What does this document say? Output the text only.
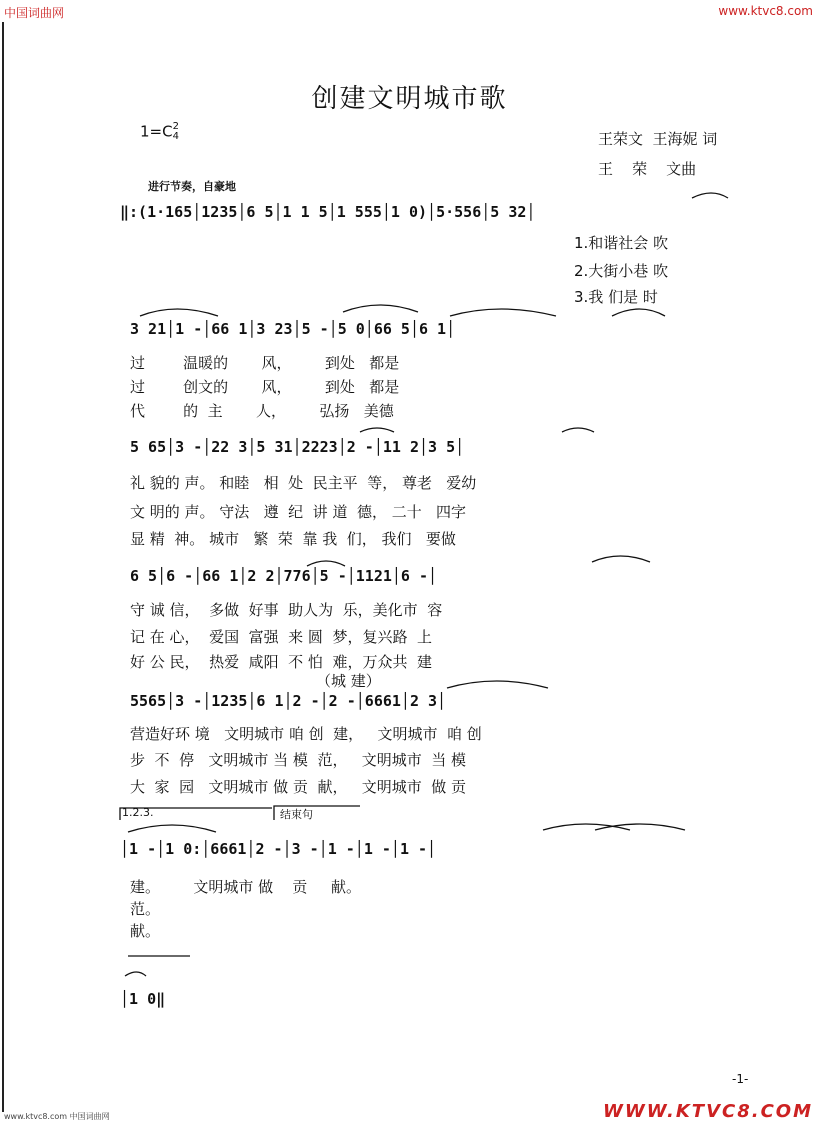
中国词曲网	www.ktvc8.com
创建文明城市歌
1=C2
4	王荣文  王海妮 词
王    荣    文曲
进行节奏，自豪地
‖:(1·165│1235│6 5│1 1 5│1 555│1 0)│5·556│5 32│
1.和谐社会 吹
2.大街小巷 吹
3.我 们是 时
3 21│1 -│66 1│3 23│5 -│5 0│66 5│6 1│
过        温暖的       风，       到处   都是
过        创文的       风，       到处   都是
代        的  主       人，       弘扬   美德
5 65│3 -│22 3│5 31│2223│2 -│11 2│3 5│
礼 貌的 声。 和睦   相  处  民主平  等， 尊老   爱幼
文 明的 声。 守法   遵  纪  讲 道  德， 二十   四字
显 精  神。 城市   繁  荣  靠 我  们， 我们   要做
6 5│6 -│66 1│2 2│776│5 -│1121│6 -│
守 诚 信，  多做  好事  助人为  乐，美化市  容
记 在 心，  爱国  富强  来 圆  梦，复兴路  上
好 公 民，  热爱  咸阳  不 怕  难，万众共  建
（城 建）
5565│3 -│1235│6 1│2 -│2 -│6661│2 3│
营造好环 境   文明城市 咱 创  建，   文明城市  咱 创
步  不  停   文明城市 当 模  范，   文明城市  当 模
大  家  园   文明城市 做 贡  献，   文明城市  做 贡
1.2.3.	结束句
│1 -│1 0:│6661│2 -│3 -│1 -│1 -│1 -│
建。       文明城市 做    贡     献。
范。
献。
│1 0‖
-1-
WWW.KTVC8.COM
www.ktvc8.com 中国词曲网
